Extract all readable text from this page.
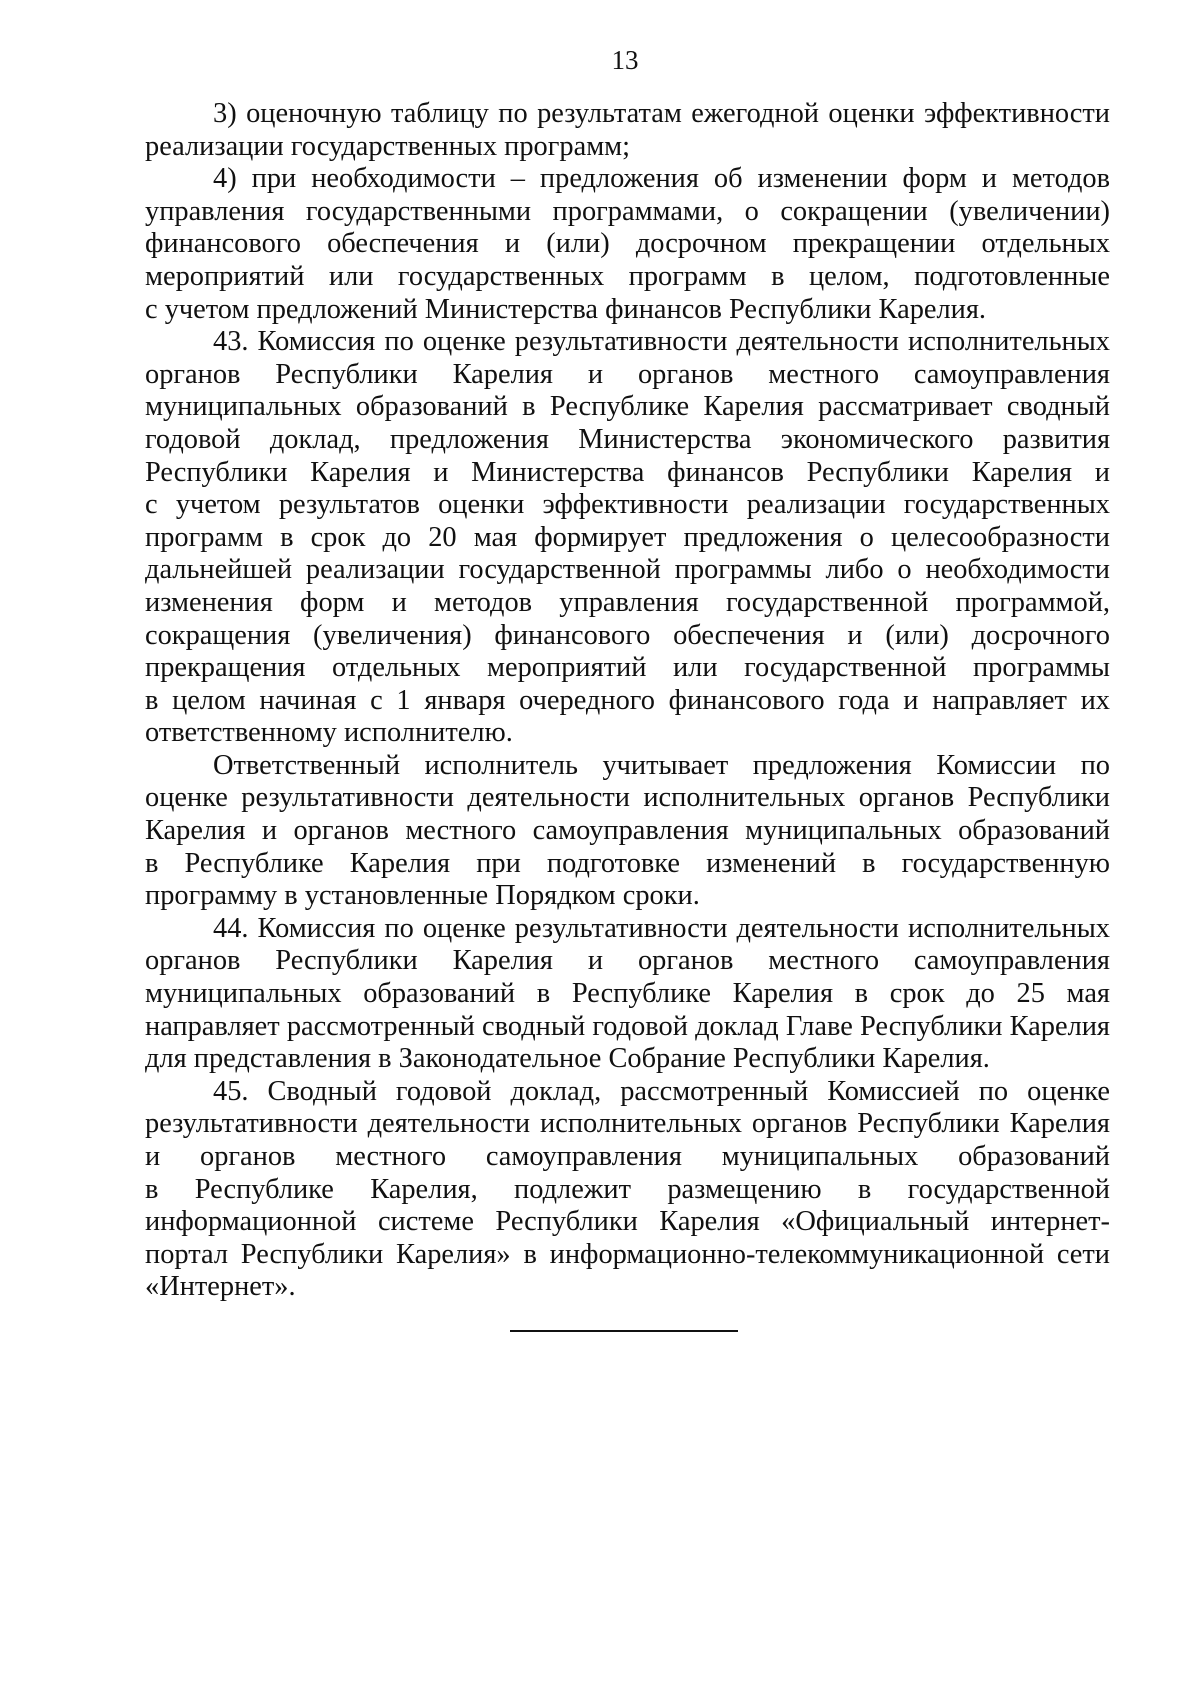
13

3) оценочную таблицу по результатам ежегодной оценки эффективности реализации государственных программ;

4) при необходимости – предложения об изменении форм и методов управления государственными программами, о сокращении (увеличении) финансового обеспечения и (или) досрочном прекращении отдельных мероприятий или государственных программ в целом, подготовленные с учетом предложений Министерства финансов Республики Карелия.

43. Комиссия по оценке результативности деятельности исполнительных органов Республики Карелия и органов местного самоуправления муниципальных образований в Республике Карелия рассматривает сводный годовой доклад, предложения Министерства экономического развития Республики Карелия и Министерства финансов Республики Карелия и с учетом результатов оценки эффективности реализации государственных программ в срок до 20 мая формирует предложения о целесообразности дальнейшей реализации государственной программы либо о необходимости изменения форм и методов управления государственной программой, сокращения (увеличения) финансового обеспечения и (или) досрочного прекращения отдельных мероприятий или государственной программы в целом начиная с 1 января очередного финансового года и направляет их ответственному исполнителю.

Ответственный исполнитель учитывает предложения Комиссии по оценке результативности деятельности исполнительных органов Республики Карелия и органов местного самоуправления муниципальных образований в Республике Карелия при подготовке изменений в государственную программу в установленные Порядком сроки.

44. Комиссия по оценке результативности деятельности исполнительных органов Республики Карелия и органов местного самоуправления муниципальных образований в Республике Карелия в срок до 25 мая направляет рассмотренный сводный годовой доклад Главе Республики Карелия для представления в Законодательное Собрание Республики Карелия.

45. Сводный годовой доклад, рассмотренный Комиссией по оценке результативности деятельности исполнительных органов Республики Карелия и органов местного самоуправления муниципальных образований в Республике Карелия, подлежит размещению в государственной информационной системе Республики Карелия «Официальный интернет-портал Республики Карелия» в информационно-телекоммуникационной сети «Интернет».
